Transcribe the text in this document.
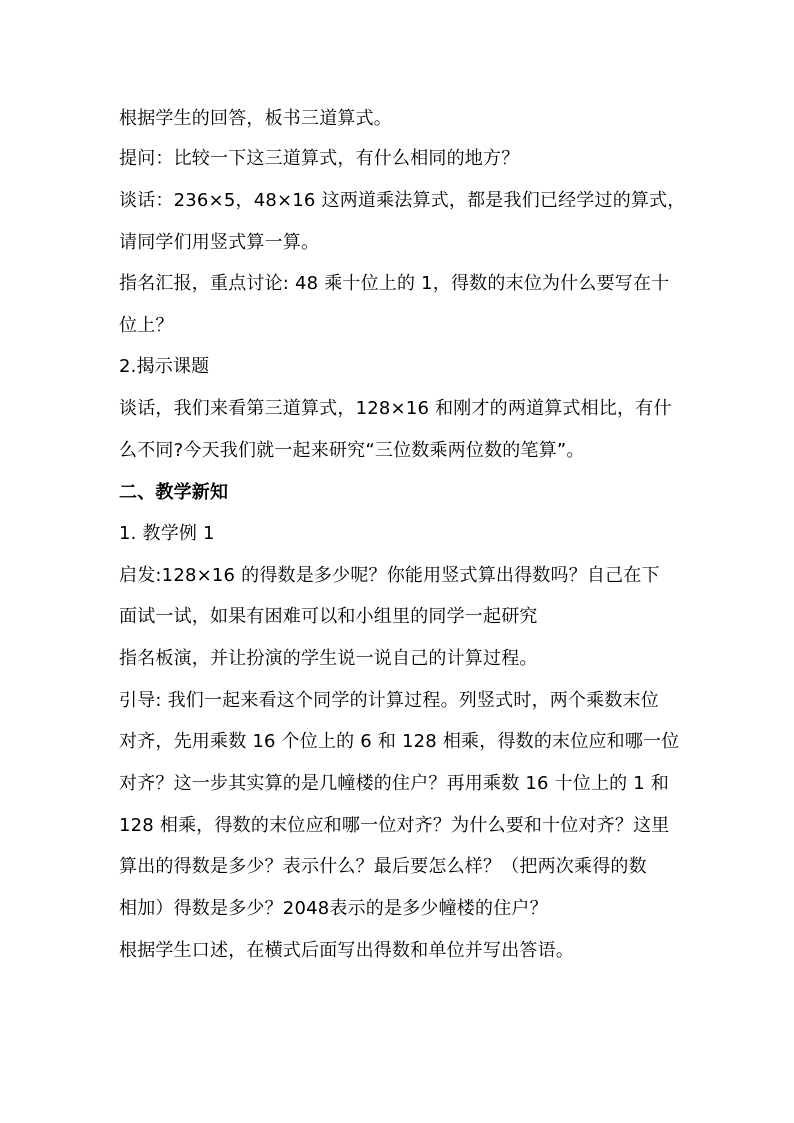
根据学生的回答，板书三道算式。
提问：比较一下这三道算式，有什么相同的地方？
谈话：236×5，48×16 这两道乘法算式，都是我们已经学过的算式，
请同学们用竖式算一算。
指名汇报，重点讨论: 48 乘十位上的 1，得数的末位为什么要写在十
位上？
2.揭示课题
谈话，我们来看第三道算式，128×16 和刚才的两道算式相比，有什
么不同?今天我们就一起来研究“三位数乘两位数的笔算”。
二、教学新知
1. 教学例 1
启发:128×16 的得数是多少呢？你能用竖式算出得数吗？自己在下
面试一试，如果有困难可以和小组里的同学一起研究
指名板演，并让扮演的学生说一说自己的计算过程。
引导: 我们一起来看这个同学的计算过程。列竖式时，两个乘数末位
对齐，先用乘数 16 个位上的 6 和 128 相乘，得数的末位应和哪一位
对齐？这一步其实算的是几幢楼的住户？再用乘数 16 十位上的 1 和
128 相乘，得数的末位应和哪一位对齐？为什么要和十位对齐？这里
算出的得数是多少？表示什么？最后要怎么样？（把两次乘得的数
相加）得数是多少？2048表示的是多少幢楼的住户？
根据学生口述，在横式后面写出得数和单位并写出答语。
